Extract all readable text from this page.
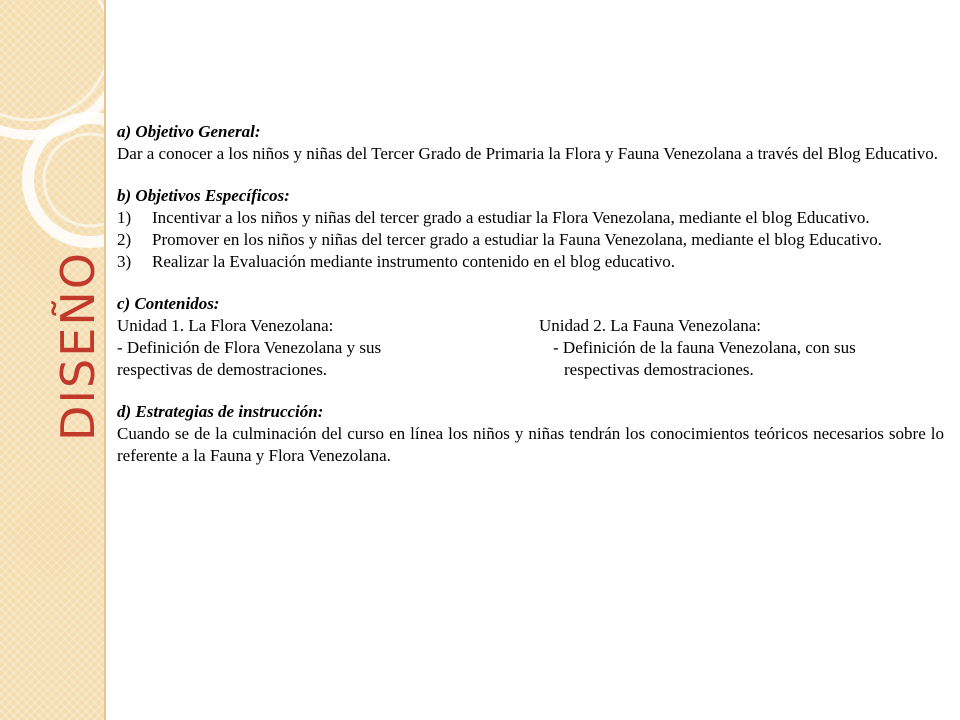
DISEÑO

a) Objetivo General:

Dar a conocer a los niños y niñas del Tercer Grado de Primaria la Flora y Fauna Venezolana a través del Blog Educativo.

b) Objetivos Específicos:

1) Incentivar a los niños y niñas del tercer grado a estudiar la Flora Venezolana, mediante el blog Educativo.
2) Promover en los niños y niñas del tercer grado a estudiar la Fauna Venezolana, mediante el blog Educativo.
3) Realizar la Evaluación mediante instrumento contenido en el blog educativo.

c) Contenidos:

Unidad 1. La Flora Venezolana:
- Definición de Flora Venezolana y sus
respectivas de demostraciones.
Unidad 2. La Fauna Venezolana:
- Definición de la fauna Venezolana, con sus
respectivas demostraciones.

d) Estrategias de instrucción:

Cuando se de la culminación del curso en línea los niños y niñas tendrán los conocimientos teóricos necesarios sobre lo referente a la Fauna y Flora Venezolana.
